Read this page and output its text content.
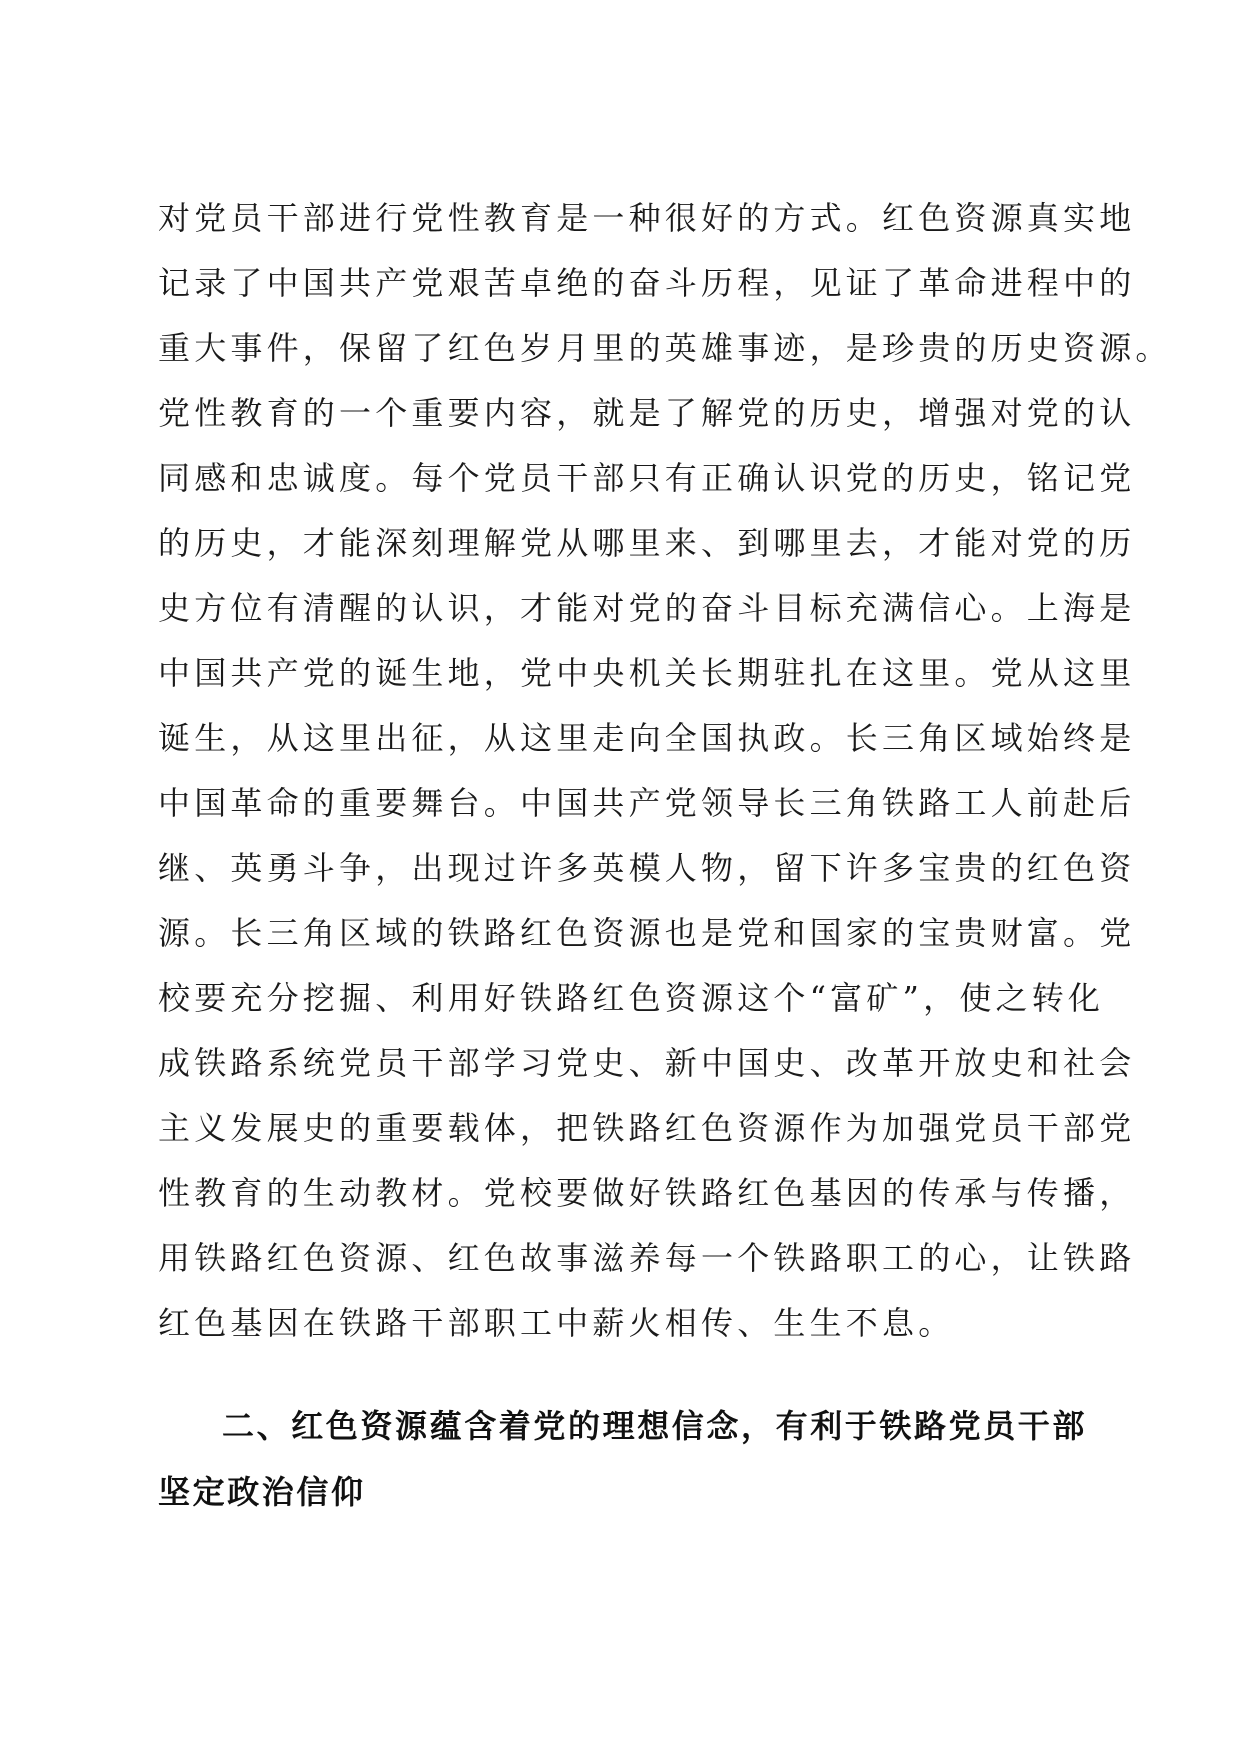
对党员干部进行党性教育是一种很好的方式。红色资源真实地
记录了中国共产党艰苦卓绝的奋斗历程，见证了革命进程中的
重大事件，保留了红色岁月里的英雄事迹，是珍贵的历史资源。
党性教育的一个重要内容，就是了解党的历史，增强对党的认
同感和忠诚度。每个党员干部只有正确认识党的历史，铭记党
的历史，才能深刻理解党从哪里来、到哪里去，才能对党的历
史方位有清醒的认识，才能对党的奋斗目标充满信心。上海是
中国共产党的诞生地，党中央机关长期驻扎在这里。党从这里
诞生，从这里出征，从这里走向全国执政。长三角区域始终是
中国革命的重要舞台。中国共产党领导长三角铁路工人前赴后
继、英勇斗争，出现过许多英模人物，留下许多宝贵的红色资
源。长三角区域的铁路红色资源也是党和国家的宝贵财富。党
校要充分挖掘、利用好铁路红色资源这个“富矿”，使之转化
成铁路系统党员干部学习党史、新中国史、改革开放史和社会
主义发展史的重要载体，把铁路红色资源作为加强党员干部党
性教育的生动教材。党校要做好铁路红色基因的传承与传播，
用铁路红色资源、红色故事滋养每一个铁路职工的心，让铁路
红色基因在铁路干部职工中薪火相传、生生不息。
二、红色资源蕴含着党的理想信念，有利于铁路党员干部
坚定政治信仰
